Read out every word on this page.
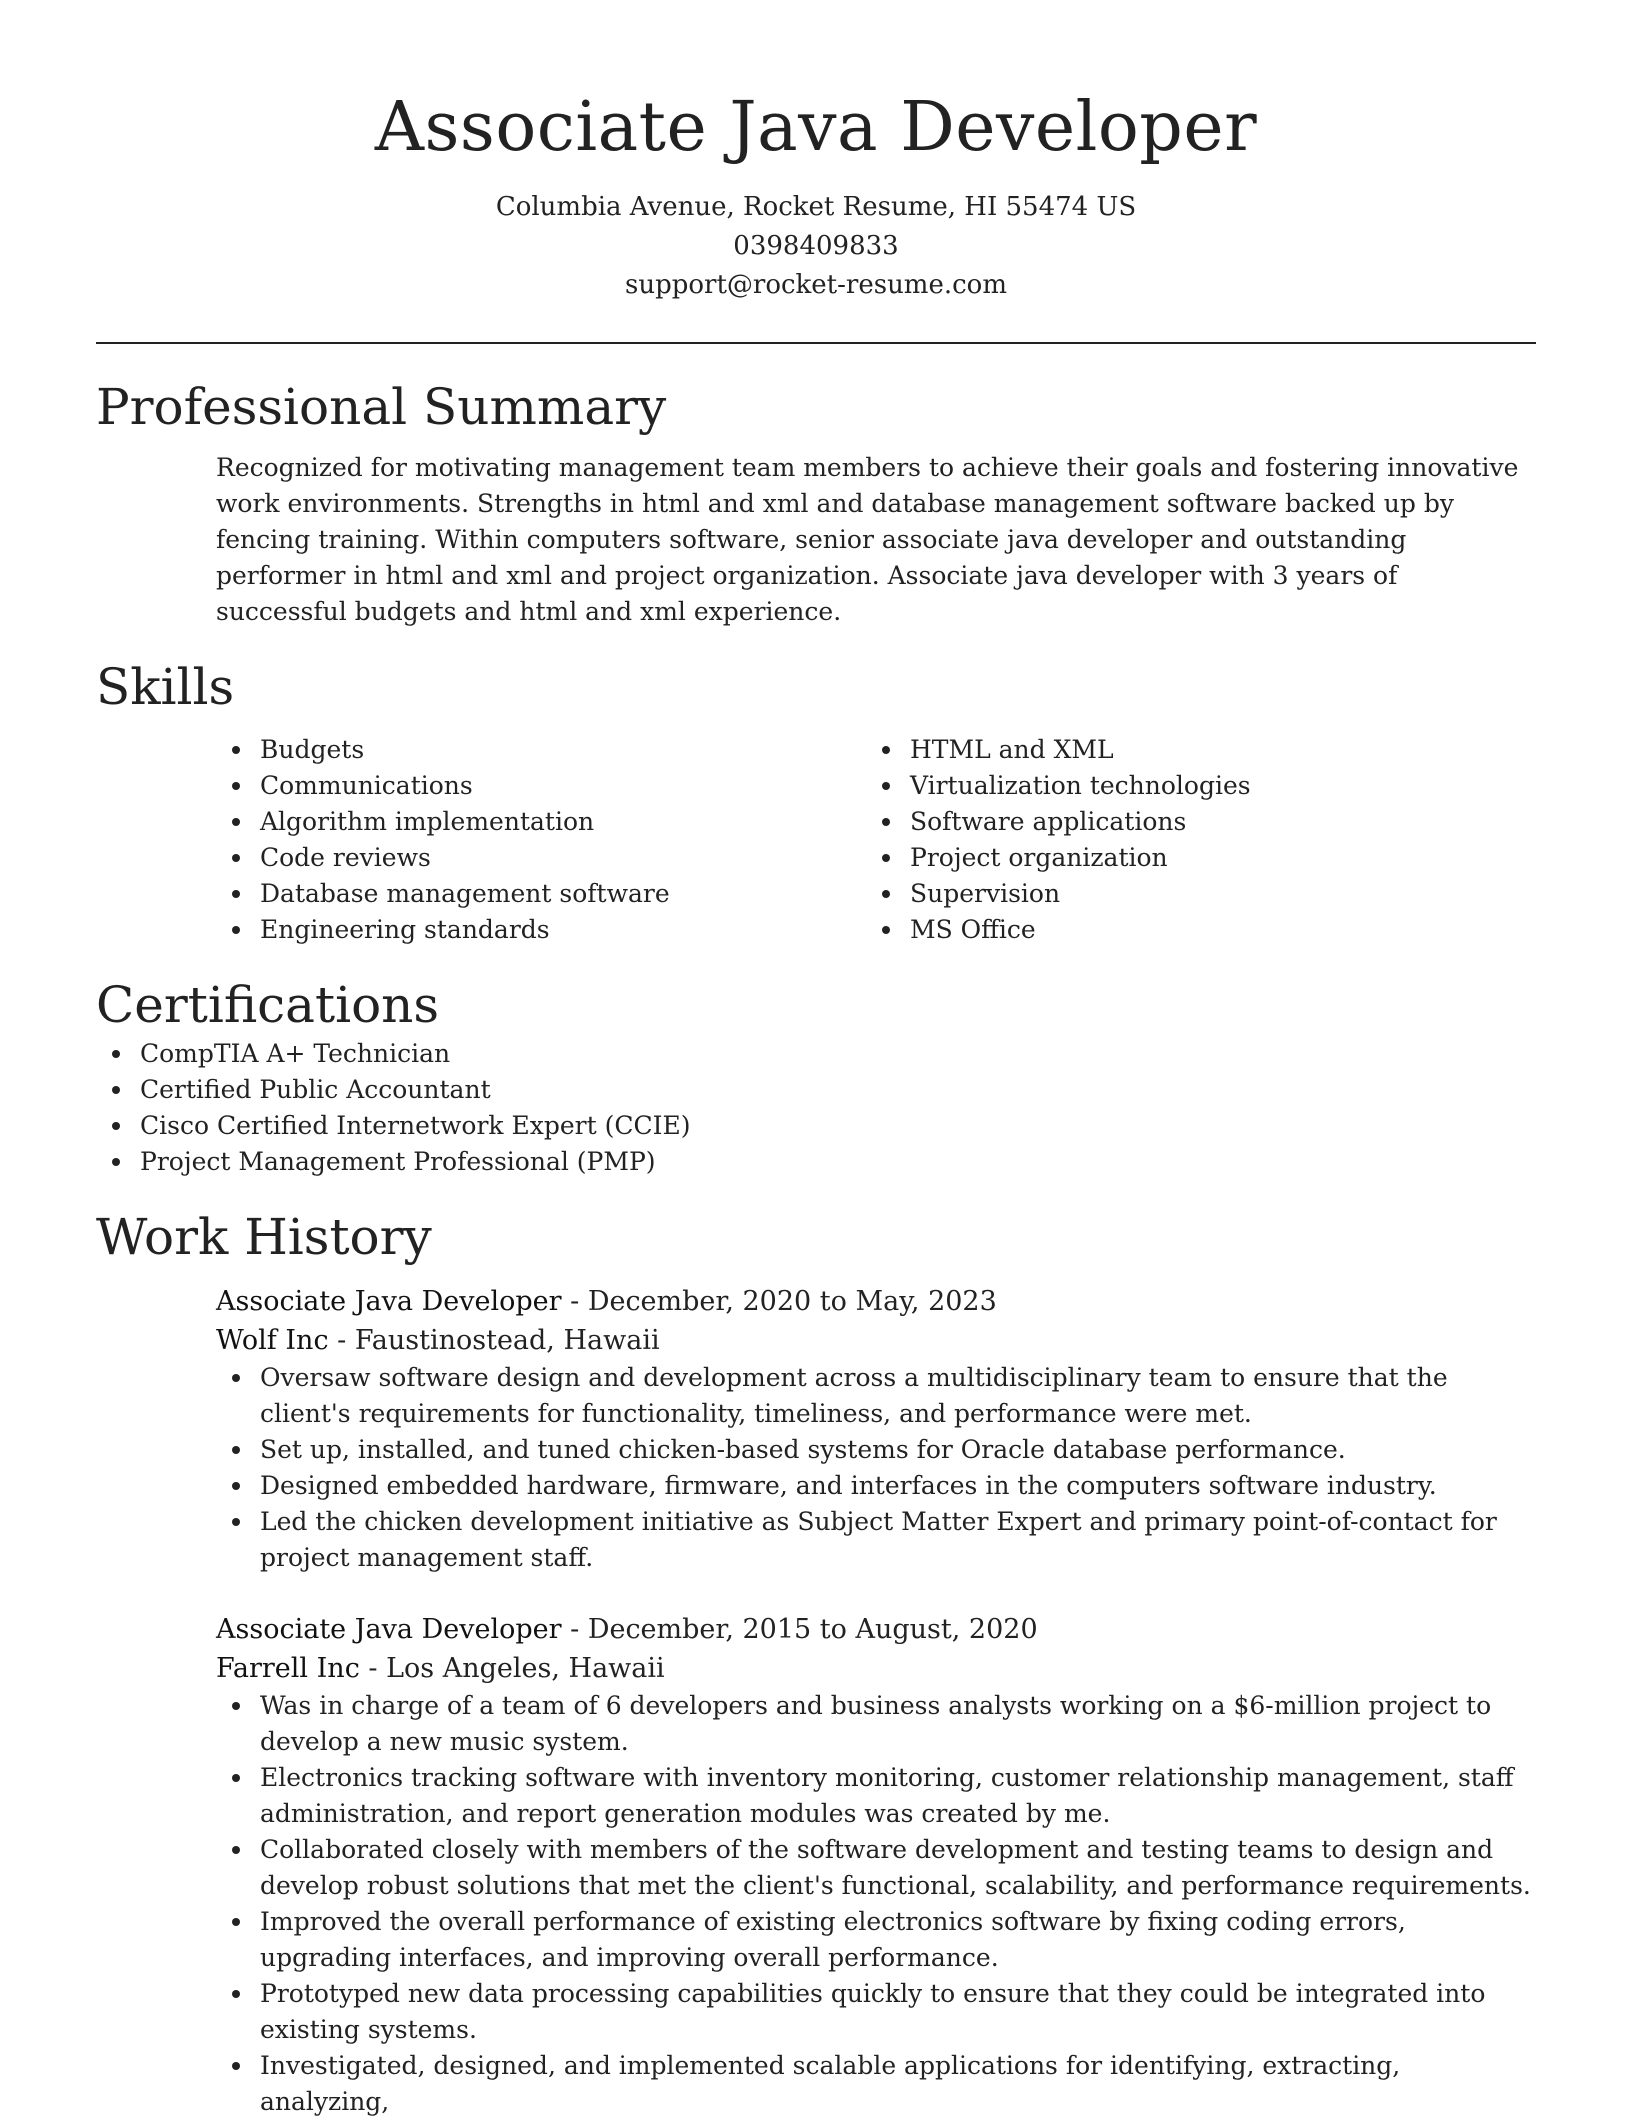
Associate Java Developer
Columbia Avenue, Rocket Resume, HI 55474 US
0398409833
support@rocket-resume.com
Professional Summary

Recognized for motivating management team members to achieve their goals and fostering innovative work environments. Strengths in html and xml and database management software backed up by fencing training. Within computers software, senior associate java developer and outstanding performer in html and xml and project organization. Associate java developer with 3 years of successful budgets and html and xml experience.

Skills
Budgets
Communications
Algorithm implementation
Code reviews
Database management software
Engineering standards
HTML and XML
Virtualization technologies
Software applications
Project organization
Supervision
MS Office
Certifications
CompTIA A+ Technician
Certified Public Accountant
Cisco Certified Internetwork Expert (CCIE)
Project Management Professional (PMP)
Work History
Associate Java Developer - December, 2020 to May, 2023
Wolf Inc - Faustinostead, Hawaii
Oversaw software design and development across a multidisciplinary team to ensure that the client's requirements for functionality, timeliness, and performance were met.
Set up, installed, and tuned chicken-based systems for Oracle database performance.
Designed embedded hardware, firmware, and interfaces in the computers software industry.
Led the chicken development initiative as Subject Matter Expert and primary point-of-contact for project management staff.
Associate Java Developer - December, 2015 to August, 2020
Farrell Inc - Los Angeles, Hawaii
Was in charge of a team of 6 developers and business analysts working on a $6-million project to develop a new music system.
Electronics tracking software with inventory monitoring, customer relationship management, staff administration, and report generation modules was created by me.
Collaborated closely with members of the software development and testing teams to design and develop robust solutions that met the client's functional, scalability, and performance requirements.
Improved the overall performance of existing electronics software by fixing coding errors, upgrading interfaces, and improving overall performance.
Prototyped new data processing capabilities quickly to ensure that they could be integrated into existing systems.
Investigated, designed, and implemented scalable applications for identifying, extracting, analyzing,
